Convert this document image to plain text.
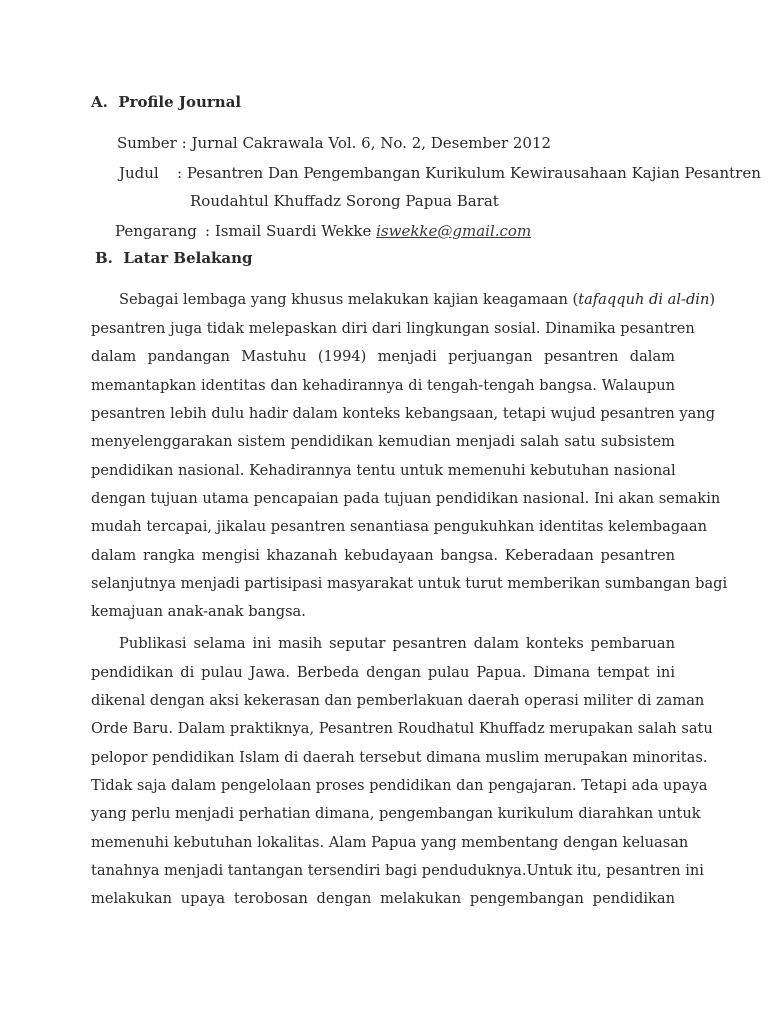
A. Profile Journal
Sumber : Jurnal Cakrawala Vol. 6, No. 2, Desember 2012
Judul : Pesantren Dan Pengembangan Kurikulum Kewirausahaan Kajian Pesantren
Roudahtul Khuffadz Sorong Papua Barat
Pengarang : Ismail Suardi Wekke iswekke@gmail.com
B. Latar Belakang
Sebagai lembaga yang khusus melakukan kajian keagamaan (tafaqquh di al-din)
pesantren juga tidak melepaskan diri dari lingkungan sosial. Dinamika pesantren
dalam pandangan Mastuhu (1994) menjadi perjuangan pesantren dalam
memantapkan identitas dan kehadirannya di tengah-tengah bangsa. Walaupun
pesantren lebih dulu hadir dalam konteks kebangsaan, tetapi wujud pesantren yang
menyelenggarakan sistem pendidikan kemudian menjadi salah satu subsistem
pendidikan nasional. Kehadirannya tentu untuk memenuhi kebutuhan nasional
dengan tujuan utama pencapaian pada tujuan pendidikan nasional. Ini akan semakin
mudah tercapai, jikalau pesantren senantiasa pengukuhkan identitas kelembagaan
dalam rangka mengisi khazanah kebudayaan bangsa. Keberadaan pesantren
selanjutnya menjadi partisipasi masyarakat untuk turut memberikan sumbangan bagi
kemajuan anak-anak bangsa.
Publikasi selama ini masih seputar pesantren dalam konteks pembaruan
pendidikan di pulau Jawa. Berbeda dengan pulau Papua. Dimana tempat ini
dikenal dengan aksi kekerasan dan pemberlakuan daerah operasi militer di zaman
Orde Baru. Dalam praktiknya, Pesantren Roudhatul Khuffadz merupakan salah satu
pelopor pendidikan Islam di daerah tersebut dimana muslim merupakan minoritas.
Tidak saja dalam pengelolaan proses pendidikan dan pengajaran. Tetapi ada upaya
yang perlu menjadi perhatian dimana, pengembangan kurikulum diarahkan untuk
memenuhi kebutuhan lokalitas. Alam Papua yang membentang dengan keluasan
tanahnya menjadi tantangan tersendiri bagi penduduknya.Untuk itu, pesantren ini
melakukan upaya terobosan dengan melakukan pengembangan pendidikan
